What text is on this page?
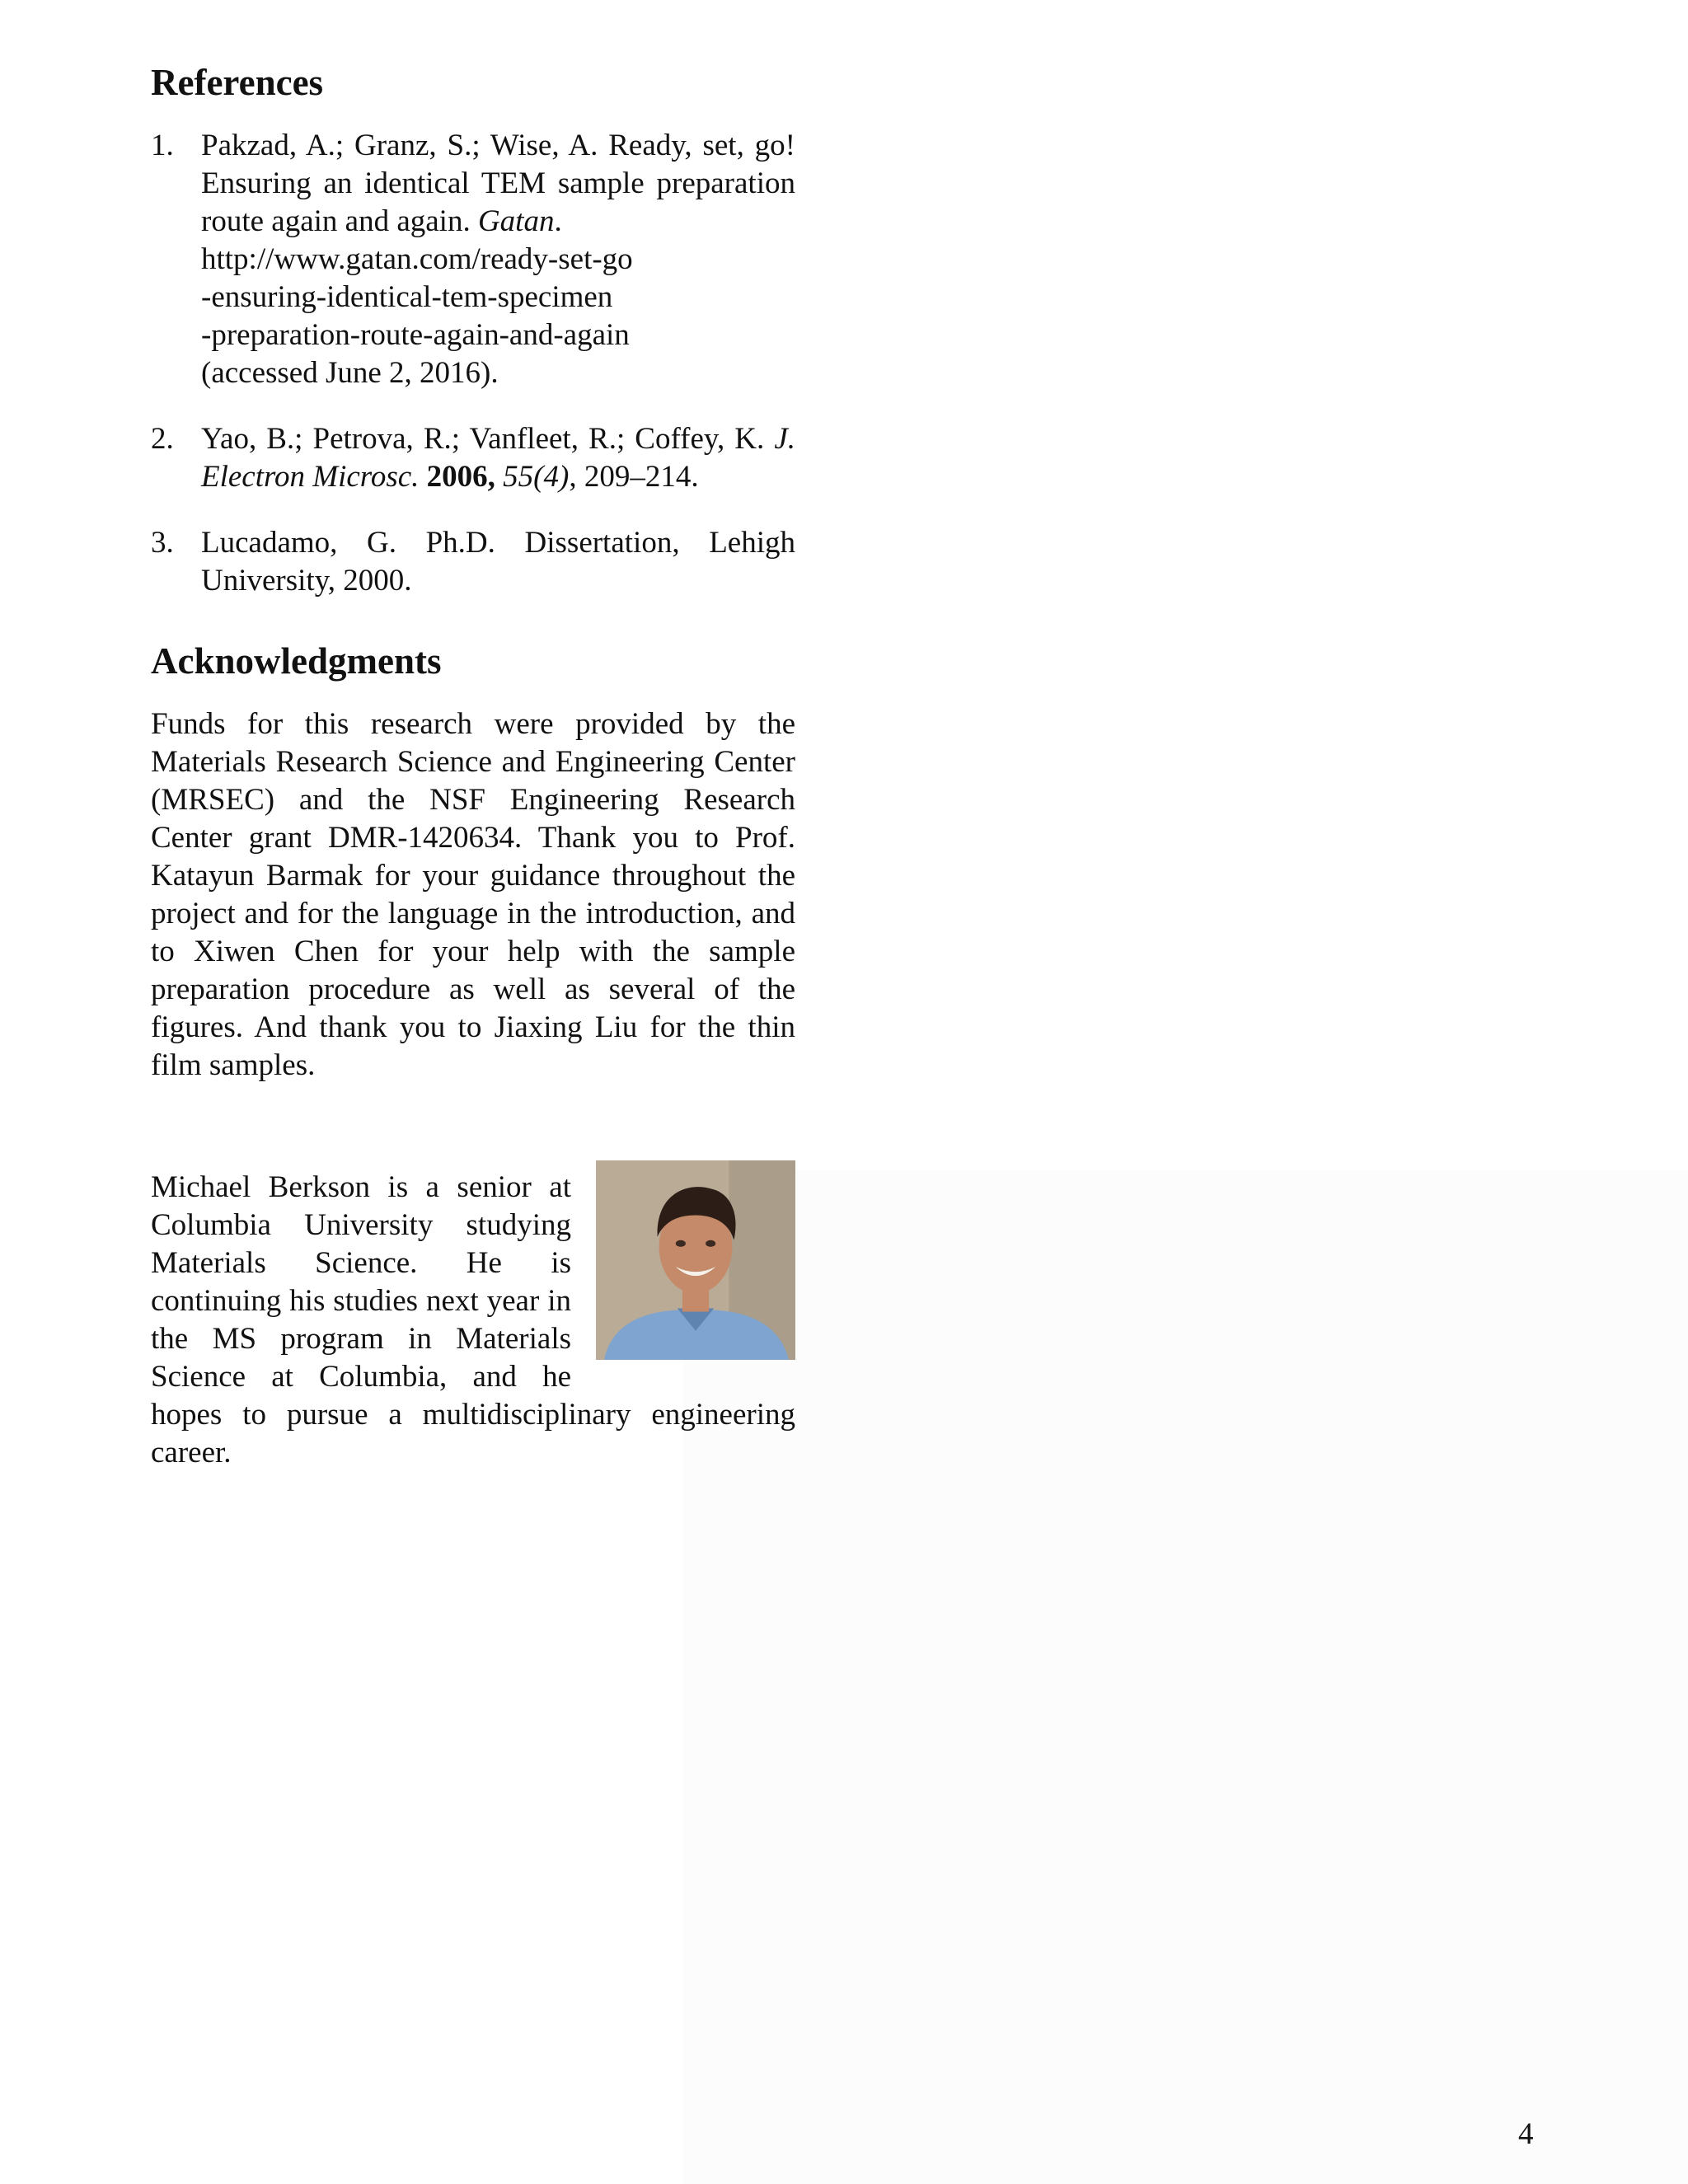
References
1. Pakzad, A.; Granz, S.; Wise, A. Ready, set, go! Ensuring an identical TEM sample preparation route again and again. Gatan.
http://www.gatan.com/ready-set-go
-ensuring-identical-tem-specimen
-preparation-route-again-and-again
(accessed June 2, 2016).
2. Yao, B.; Petrova, R.; Vanfleet, R.; Coffey, K. J. Electron Microsc. 2006, 55(4), 209–214.
3. Lucadamo, G. Ph.D. Dissertation, Lehigh University, 2000.
Acknowledgments

Funds for this research were provided by the Materials Research Science and Engineering Center (MRSEC) and the NSF Engineering Research Center grant DMR-1420634. Thank you to Prof. Katayun Barmak for your guidance throughout the project and for the language in the introduction, and to Xiwen Chen for your help with the sample preparation procedure as well as several of the figures. And thank you to Jiaxing Liu for the thin film samples.

Michael Berkson is a senior at Columbia University studying Materials Science. He is continuing his studies next year in the MS program in Materials Science at Columbia, and he hopes to pursue a multidisciplinary engineering career.
4
